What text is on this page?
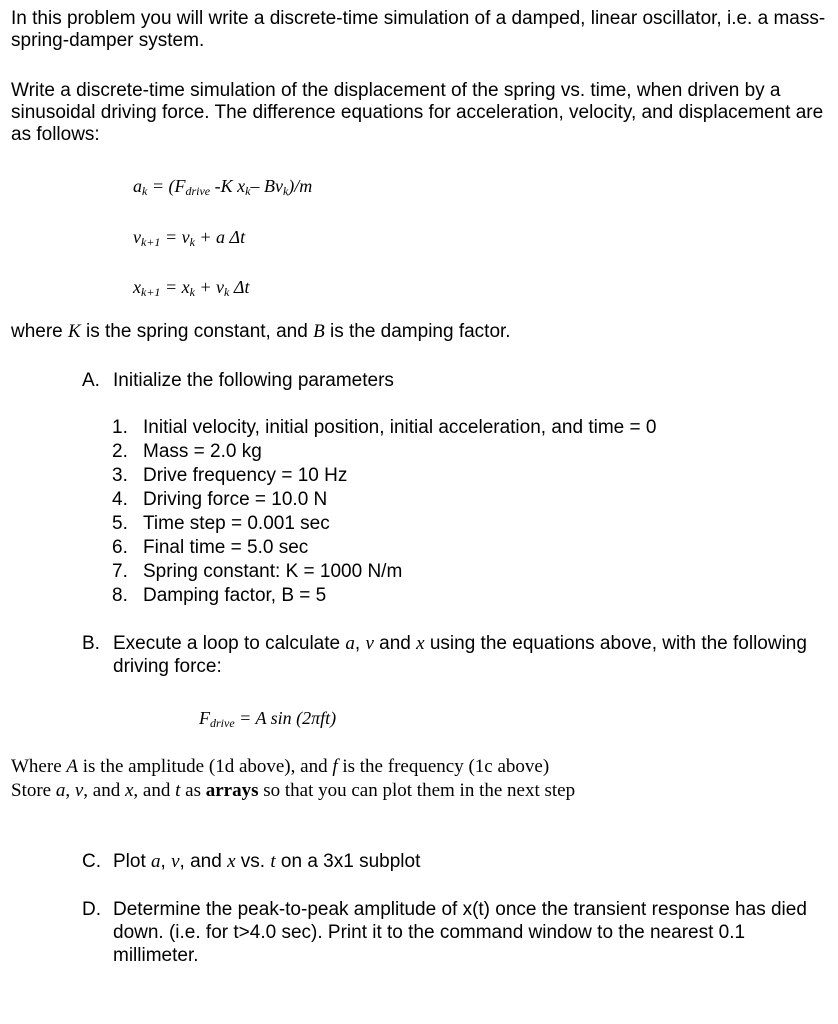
In this problem you will write a discrete-time simulation of a damped, linear oscillator, i.e. a mass-spring-damper system.

Write a discrete-time simulation of the displacement of the spring vs. time, when driven by a sinusoidal driving force. The difference equations for acceleration, velocity, and displacement are as follows:

$a_k = (F_{drive}$ -K $x_k-$ $Bv_k)/m$
$v_{k+1} = v_k + a$ Δt
$x_{k+1} = x_k + v_k$ Δt

where K is the spring constant, and B is the damping factor.

A. Initialize the following parameters
1. Initial velocity, initial position, initial acceleration, and time = 0
2. Mass = 2.0 kg
3. Drive frequency = 10 Hz
4. Driving force = 10.0 N
5. Time step = 0.001 sec
6. Final time = 5.0 sec
7. Spring constant: K = 1000 N/m
8. Damping factor, B = 5
B. Execute a loop to calculate a, v and x using the equations above, with the following driving force:
$F_{drive} = A$ sin (2πft)
Where A is the amplitude (1d above), and f is the frequency (1c above)
Store a, v, and x, and t as arrays so that you can plot them in the next step
C. Plot a, v, and x vs. t on a 3x1 subplot
D. Determine the peak-to-peak amplitude of x(t) once the transient response has died down. (i.e. for t>4.0 sec). Print it to the command window to the nearest 0.1 millimeter.
